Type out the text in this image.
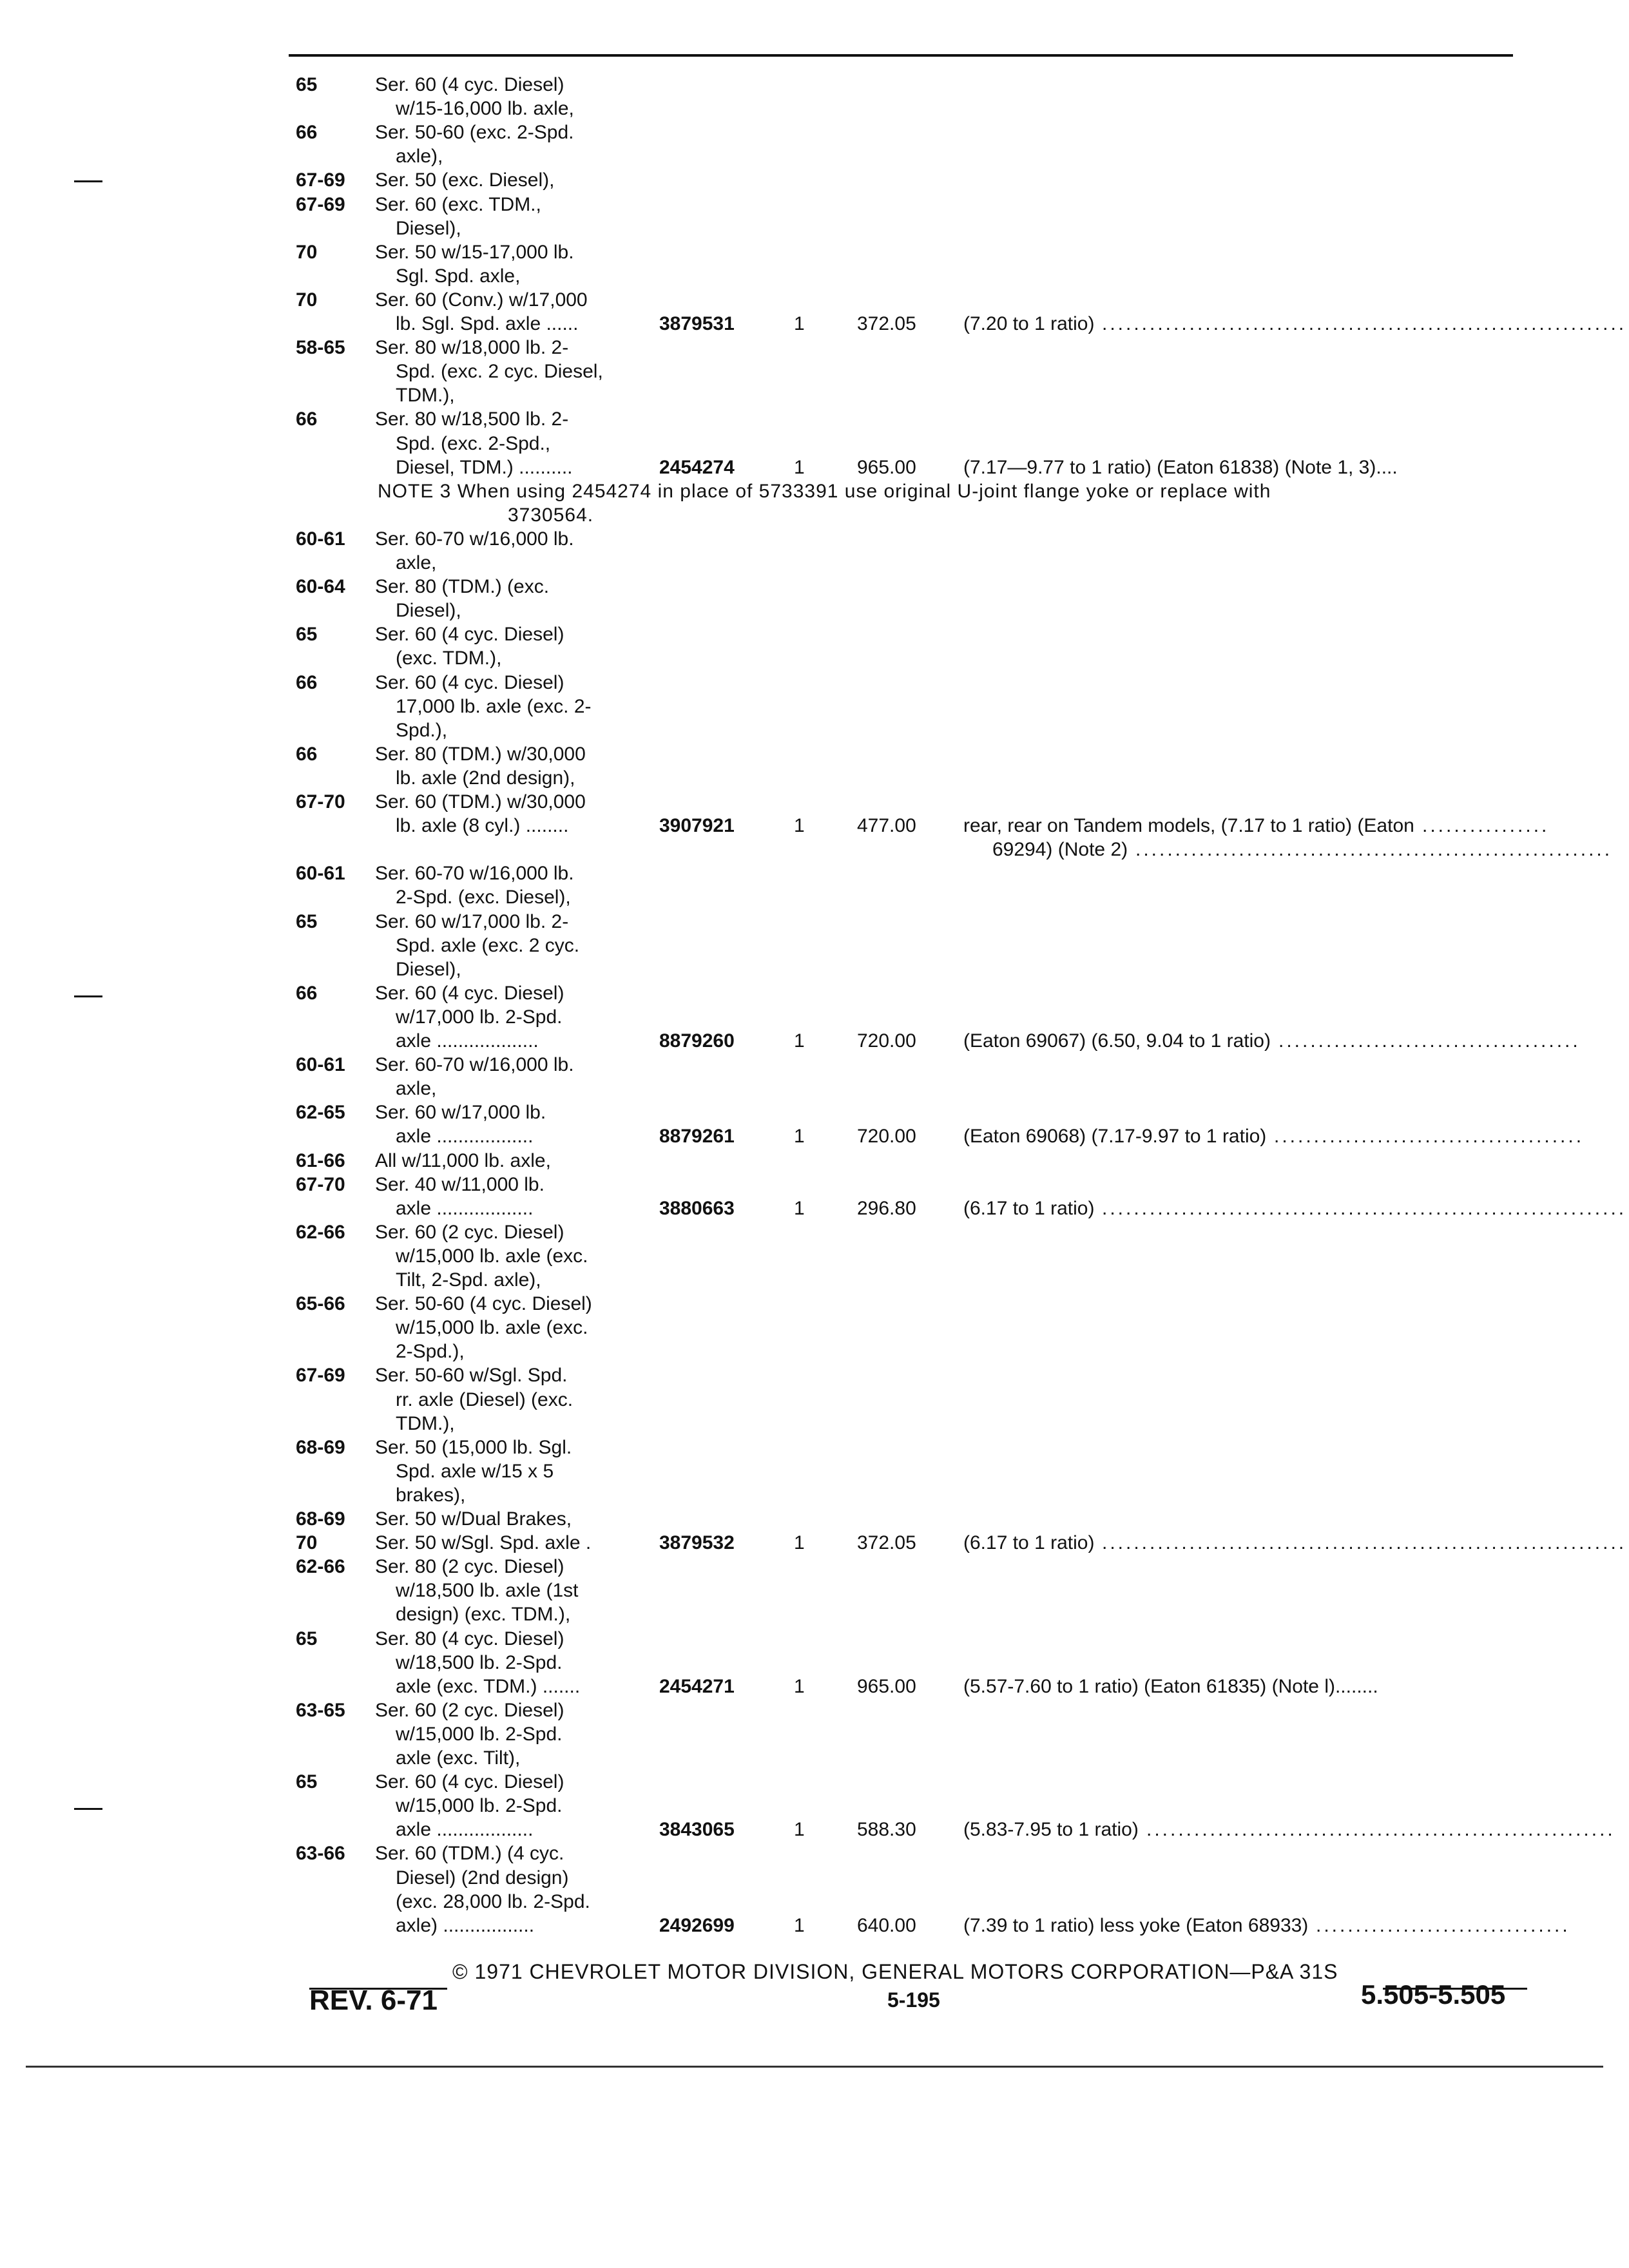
65	Ser. 60 (4 cyc. Diesel)
w/15-16,000 lb. axle,
66	Ser. 50-60 (exc. 2-Spd.
axle),
67-69 Ser. 50 (exc. Diesel),
67-69 Ser. 60 (exc. TDM.,
Diesel),
70	Ser. 50 w/15-17,000 lb.
Sgl. Spd. axle,
70	Ser. 60 (Conv.) w/17,000
lb. Sgl. Spd. axle ......	3879531	1	372.05 (7.20 to 1 ratio) ..................................................................
58-65 Ser. 80 w/18,000 lb. 2-
Spd. (exc. 2 cyc. Diesel,
TDM.),
66	Ser. 80 w/18,500 lb. 2-
Spd. (exc. 2-Spd.,
Diesel, TDM.) ..........	2454274	1	965.00 (7.17—9.77 to 1 ratio) (Eaton 61838) (Note 1, 3)....
NOTE 3 When using 2454274 in place of 5733391 use original U-joint flange yoke or replace with
3730564.
60-61 Ser. 60-70 w/16,000 lb.
axle,
60-64 Ser. 80 (TDM.) (exc.
Diesel),
65	Ser. 60 (4 cyc. Diesel)
(exc. TDM.),
66	Ser. 60 (4 cyc. Diesel)
17,000 lb. axle (exc. 2-
Spd.),
66	Ser. 80 (TDM.) w/30,000
lb. axle (2nd design),
67-70 Ser. 60 (TDM.) w/30,000
lb. axle (8 cyl.) ........	3907921	1	477.00 rear, rear on Tandem models, (7.17 to 1 ratio) (Eaton ................
69294) (Note 2) ............................................................
60-61 Ser. 60-70 w/16,000 lb.
2-Spd. (exc. Diesel),
65	Ser. 60 w/17,000 lb. 2-
Spd. axle (exc. 2 cyc.
Diesel),
66	Ser. 60 (4 cyc. Diesel)
w/17,000 lb. 2-Spd.
axle ...................	8879260	1	720.00 (Eaton 69067) (6.50, 9.04 to 1 ratio) ......................................
60-61 Ser. 60-70 w/16,000 lb.
axle,
62-65 Ser. 60 w/17,000 lb.
axle ..................	8879261	1	720.00 (Eaton 69068) (7.17-9.97 to 1 ratio) .......................................
61-66 All w/11,000 lb. axle,
67-70 Ser. 40 w/11,000 lb.
axle ..................	3880663	1	296.80 (6.17 to 1 ratio) ..................................................................
62-66 Ser. 60 (2 cyc. Diesel)
w/15,000 lb. axle (exc.
Tilt, 2-Spd. axle),
65-66 Ser. 50-60 (4 cyc. Diesel)
w/15,000 lb. axle (exc.
2-Spd.),
67-69 Ser. 50-60 w/Sgl. Spd.
rr. axle (Diesel) (exc.
TDM.),
68-69 Ser. 50 (15,000 lb. Sgl.
Spd. axle w/15 x 5
brakes),
68-69 Ser. 50 w/Dual Brakes,
70	Ser. 50 w/Sgl. Spd. axle .	3879532	1	372.05 (6.17 to 1 ratio) ..................................................................
62-66 Ser. 80 (2 cyc. Diesel)
w/18,500 lb. axle (1st
design) (exc. TDM.),
65	Ser. 80 (4 cyc. Diesel)
w/18,500 lb. 2-Spd.
axle (exc. TDM.) .......	2454271	1	965.00 (5.57-7.60 to 1 ratio) (Eaton 61835) (Note l)........
63-65 Ser. 60 (2 cyc. Diesel)
w/15,000 lb. 2-Spd.
axle (exc. Tilt),
65	Ser. 60 (4 cyc. Diesel)
w/15,000 lb. 2-Spd.
axle ..................	3843065	1	588.30 (5.83-7.95 to 1 ratio) ...........................................................
63-66 Ser. 60 (TDM.) (4 cyc.
Diesel) (2nd design)
(exc. 28,000 lb. 2-Spd.
axle) .................	2492699	1	640.00 (7.39 to 1 ratio) less yoke (Eaton 68933) ................................
© 1971 CHEVROLET MOTOR DIVISION, GENERAL MOTORS CORPORATION—P&A 31S
REV. 6-71	5-195	5.505-5.505
